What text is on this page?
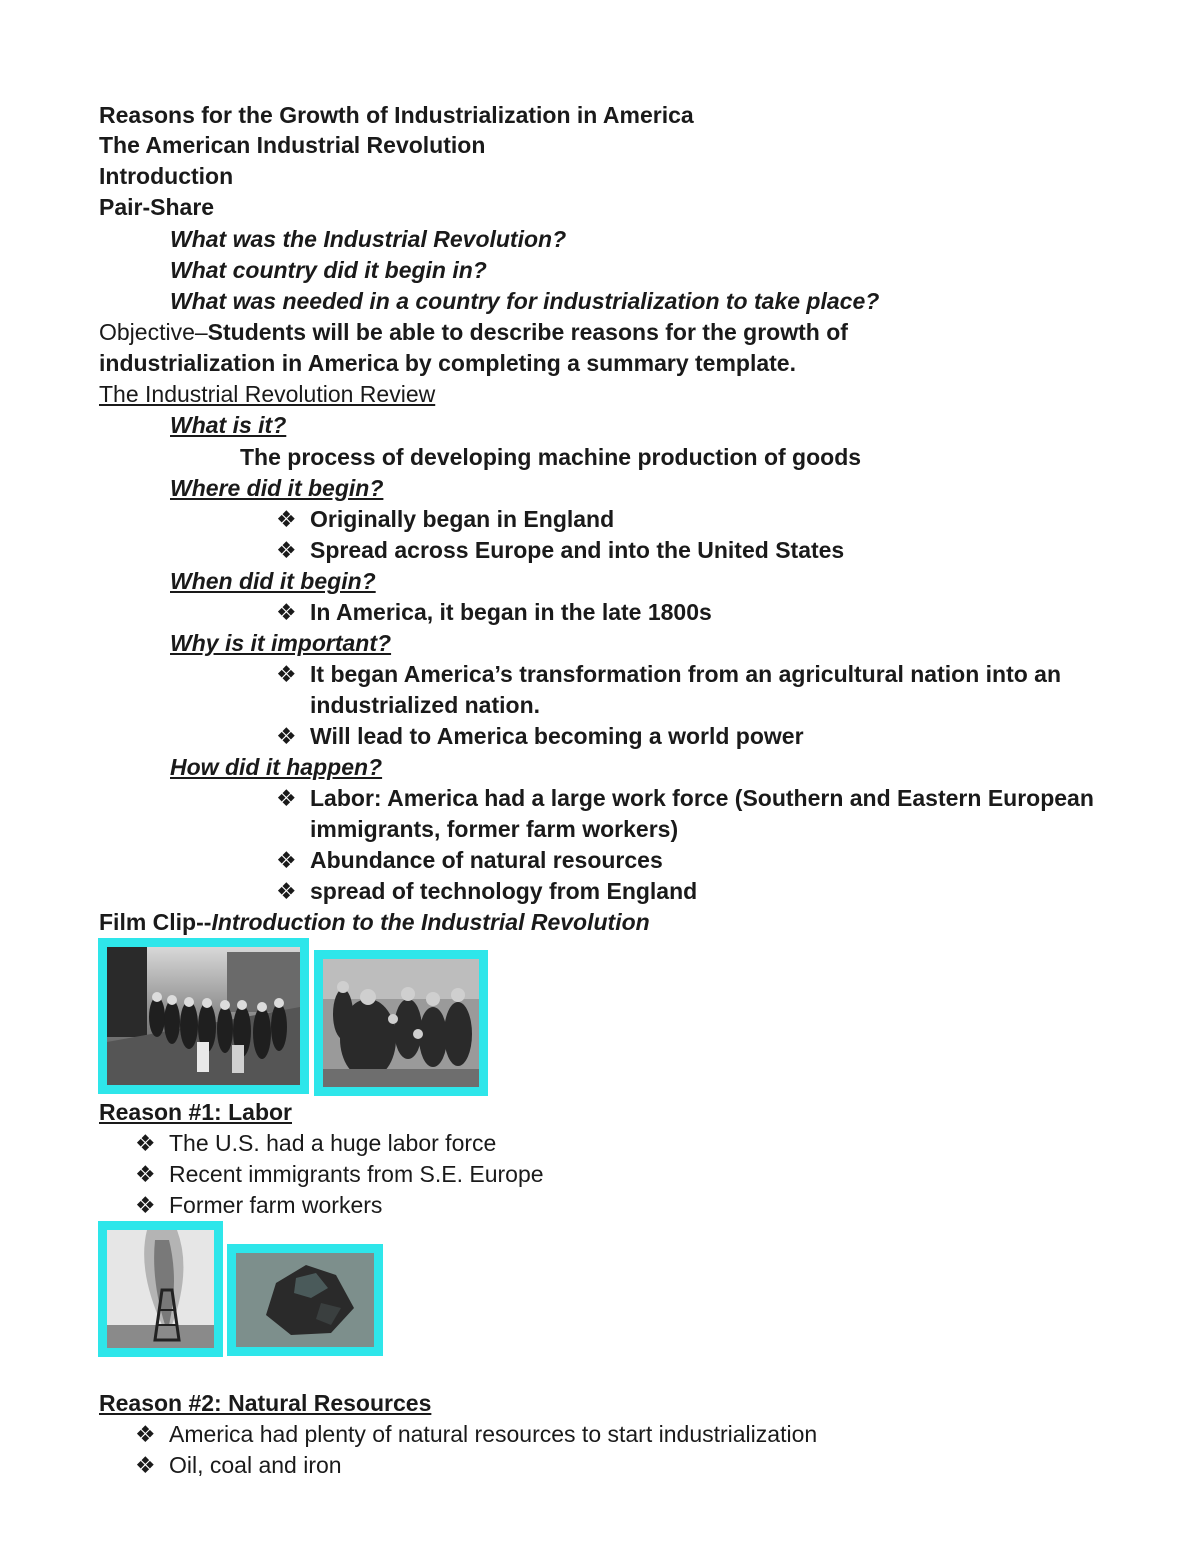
Reasons for the Growth of Industrialization in America
The American Industrial Revolution
Introduction
Pair-Share
What was the Industrial Revolution?
What country did it begin in?
What was needed in a country for industrialization to take place?
Objective–Students will be able to describe reasons for the growth of
industrialization in America by completing a summary template.
The Industrial Revolution Review
What is it?
The process of developing machine production of goods
Where did it begin?
❖ Originally began in England
❖ Spread across Europe and into the United States
When did it begin?
❖ In America, it began in the late 1800s
Why is it important?
❖ It began America’s transformation from an agricultural nation into an industrialized nation.
❖ Will lead to America becoming a world power
How did it happen?
❖ Labor: America had a large work force (Southern and Eastern European immigrants, former farm workers)
❖ Abundance of natural resources
❖ spread of technology from England
Film Clip--Introduction to the Industrial Revolution
Reason #1: Labor
❖ The U.S. had a huge labor force
❖ Recent immigrants from S.E. Europe
❖ Former farm workers
Reason #2: Natural Resources
❖ America had plenty of natural resources to start industrialization
❖ Oil, coal and iron
